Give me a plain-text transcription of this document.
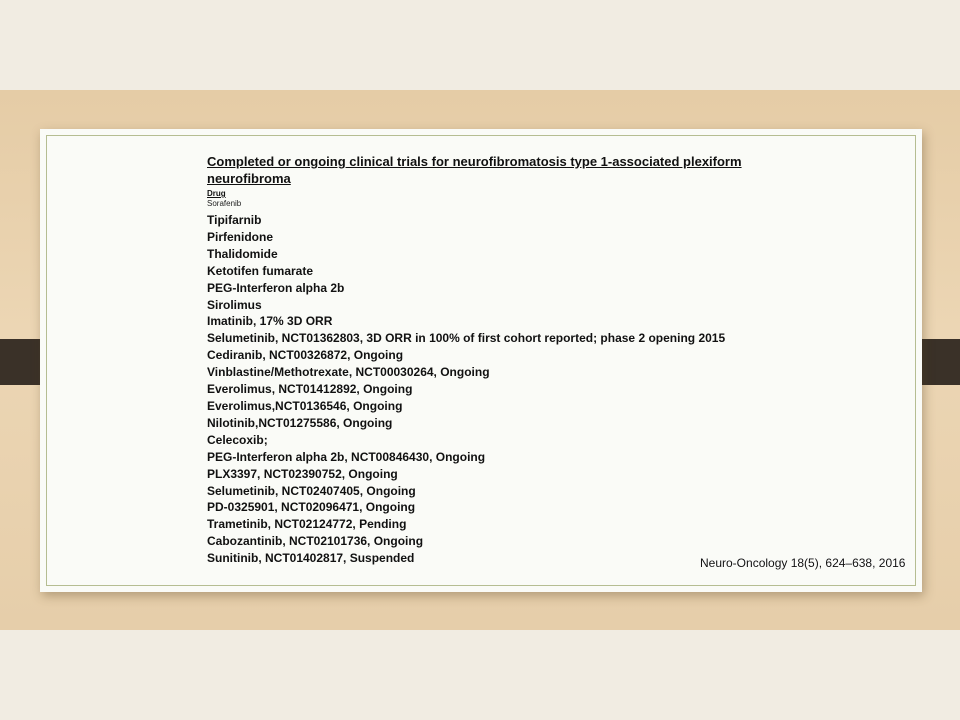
Completed or ongoing clinical trials for neurofibromatosis type 1-associated plexiform neurofibroma
Drug
Sorafenib
Tipifarnib
Pirfenidone
Thalidomide
Ketotifen fumarate
PEG-Interferon alpha 2b
Sirolimus
Imatinib, 17% 3D ORR
Selumetinib, NCT01362803, 3D ORR in 100% of first cohort reported; phase 2 opening 2015
Cediranib, NCT00326872, Ongoing
Vinblastine/Methotrexate, NCT00030264, Ongoing
Everolimus, NCT01412892, Ongoing
Everolimus,NCT0136546, Ongoing
Nilotinib,NCT01275586, Ongoing
Celecoxib;
PEG-Interferon alpha 2b, NCT00846430, Ongoing
PLX3397, NCT02390752, Ongoing
Selumetinib, NCT02407405, Ongoing
PD-0325901, NCT02096471, Ongoing
Trametinib, NCT02124772, Pending
Cabozantinib, NCT02101736, Ongoing
Sunitinib, NCT01402817, Suspended	Neuro-Oncology 18(5), 624–638, 2016
